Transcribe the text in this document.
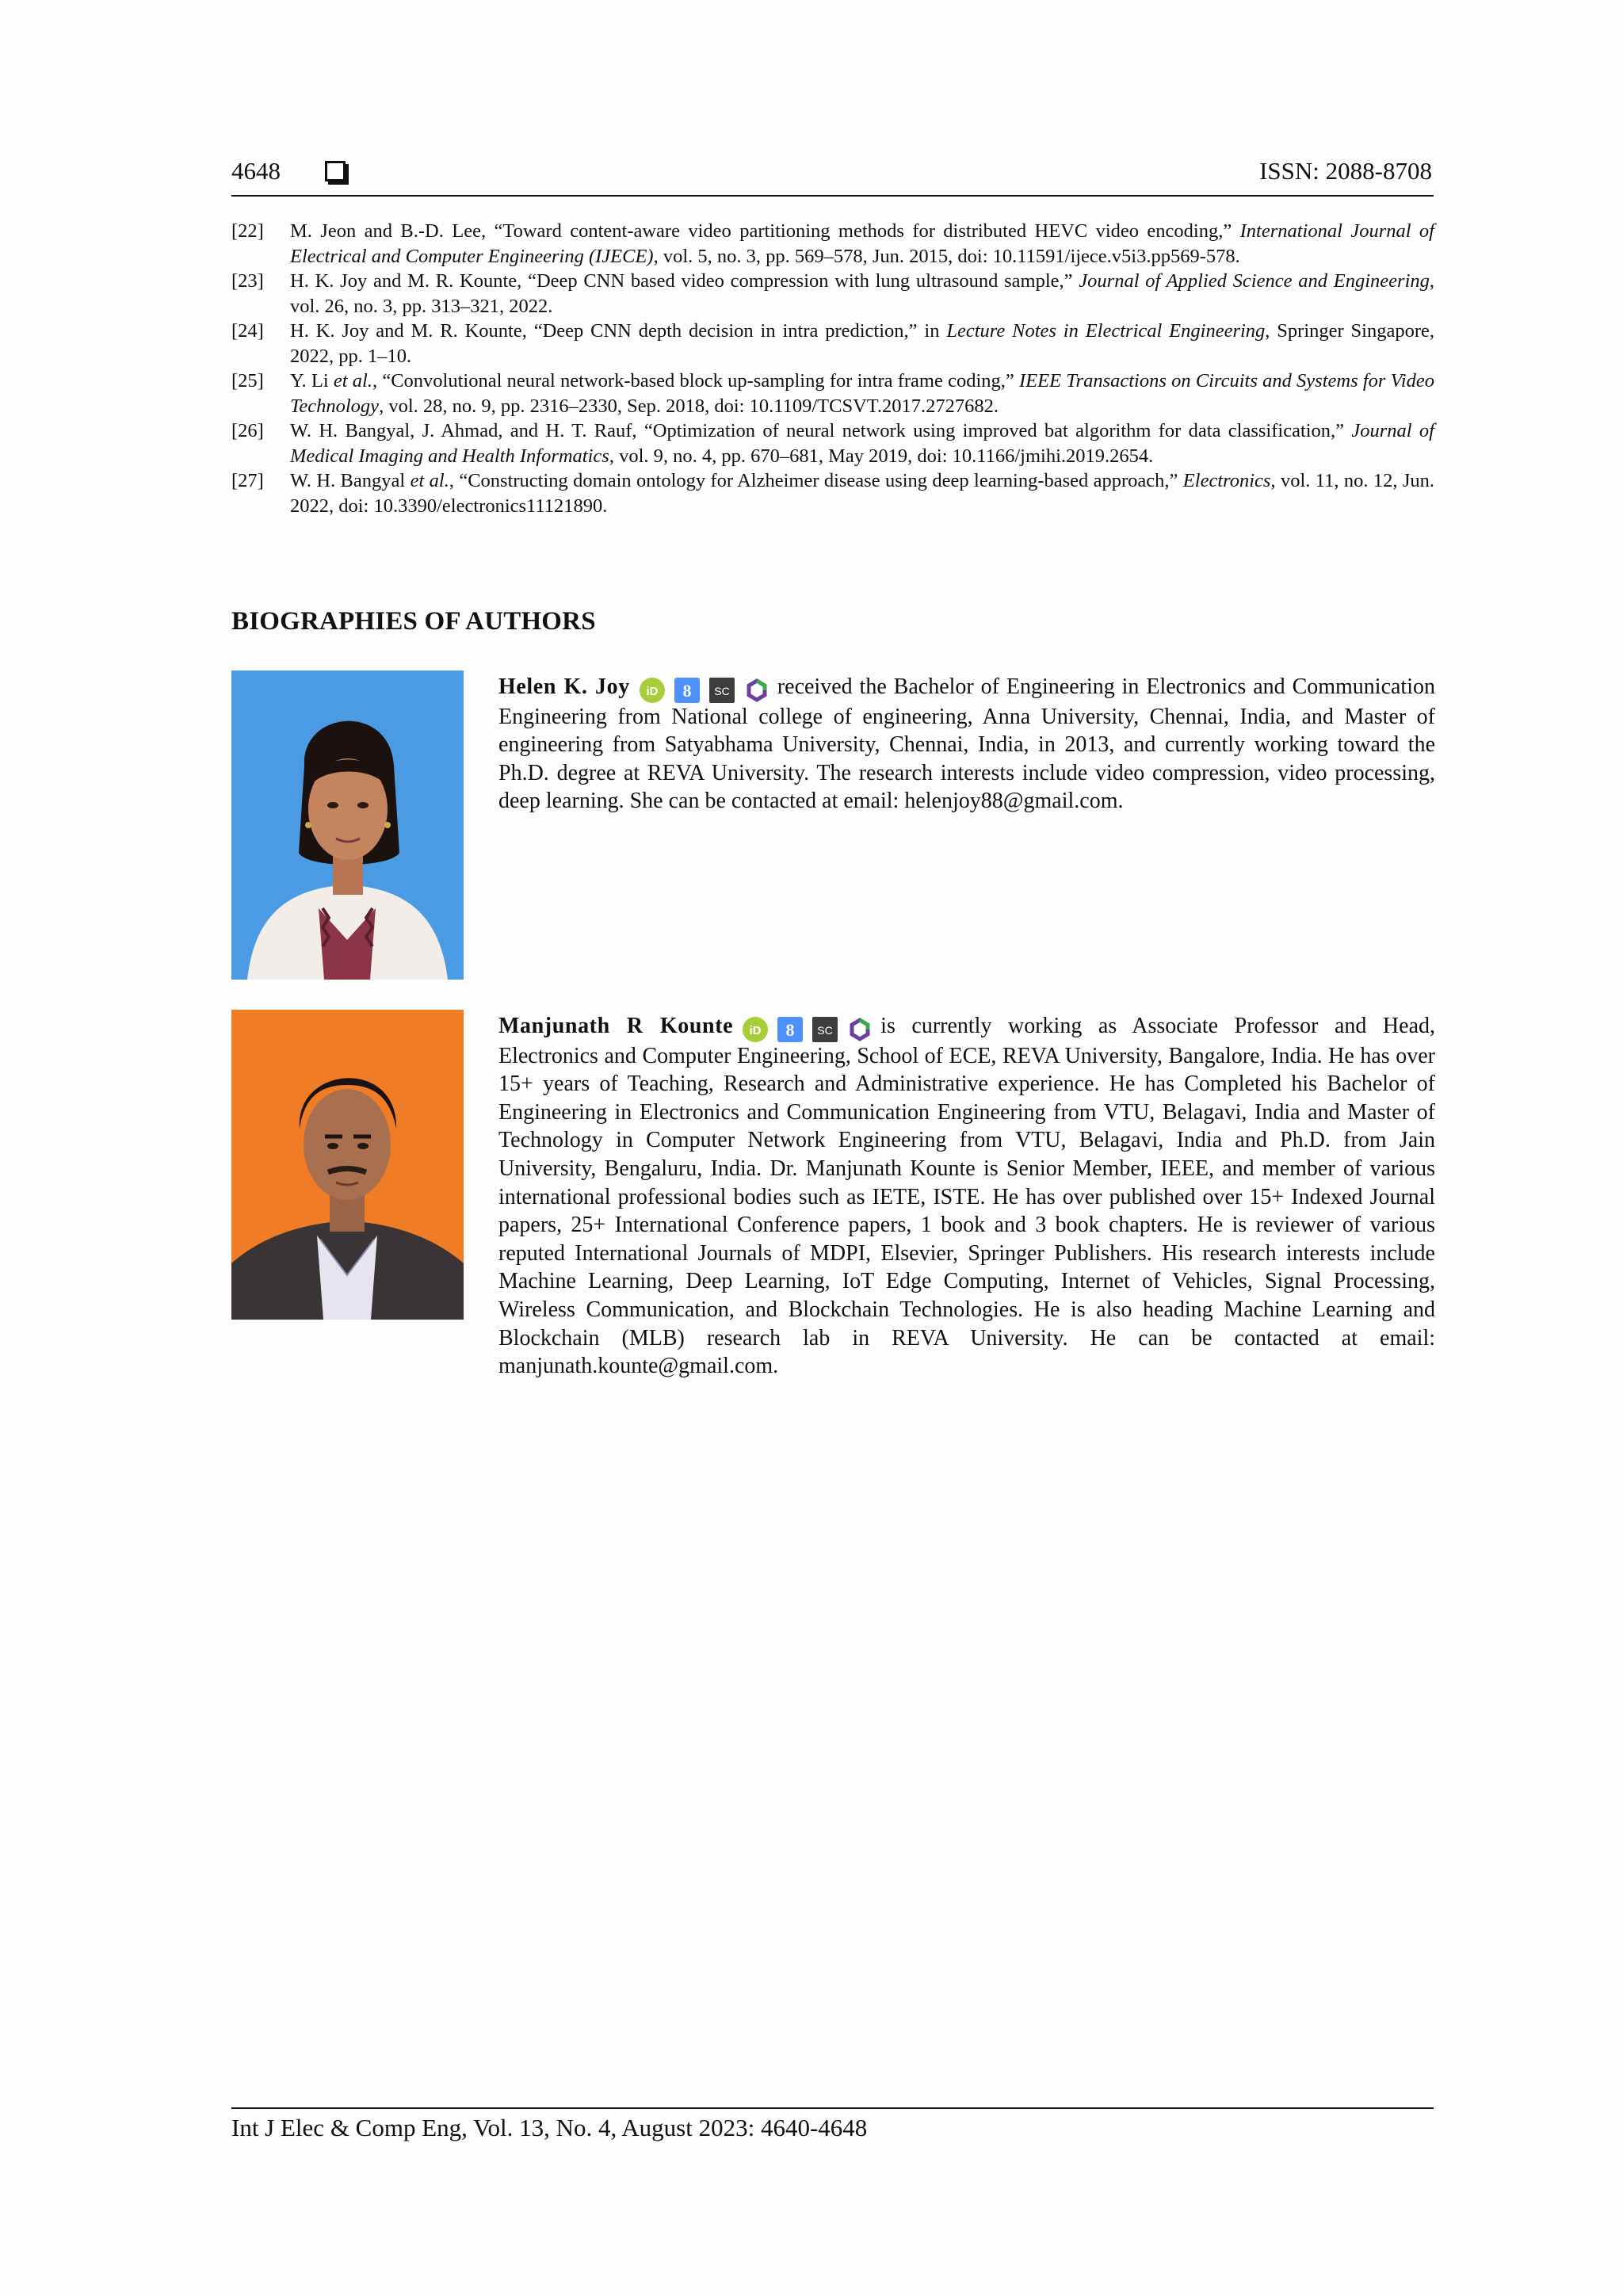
4648	ISSN: 2088-8708
[22]	M. Jeon and B.-D. Lee, “Toward content-aware video partitioning methods for distributed HEVC video encoding,” International Journal of Electrical and Computer Engineering (IJECE), vol. 5, no. 3, pp. 569–578, Jun. 2015, doi: 10.11591/ijece.v5i3.pp569-578.
[23]	H. K. Joy and M. R. Kounte, “Deep CNN based video compression with lung ultrasound sample,” Journal of Applied Science and Engineering, vol. 26, no. 3, pp. 313–321, 2022.
[24]	H. K. Joy and M. R. Kounte, “Deep CNN depth decision in intra prediction,” in Lecture Notes in Electrical Engineering, Springer Singapore, 2022, pp. 1–10.
[25]	Y. Li et al., “Convolutional neural network-based block up-sampling for intra frame coding,” IEEE Transactions on Circuits and Systems for Video Technology, vol. 28, no. 9, pp. 2316–2330, Sep. 2018, doi: 10.1109/TCSVT.2017.2727682.
[26]	W. H. Bangyal, J. Ahmad, and H. T. Rauf, “Optimization of neural network using improved bat algorithm for data classification,” Journal of Medical Imaging and Health Informatics, vol. 9, no. 4, pp. 670–681, May 2019, doi: 10.1166/jmihi.2019.2654.
[27]	W. H. Bangyal et al., “Constructing domain ontology for Alzheimer disease using deep learning-based approach,” Electronics, vol. 11, no. 12, Jun. 2022, doi: 10.3390/electronics11121890.
BIOGRAPHIES OF AUTHORS
Helen K. Joy iD 8 SC received the Bachelor of Engineering in Electronics and Communication Engineering from National college of engineering, Anna University, Chennai, India, and Master of engineering from Satyabhama University, Chennai, India, in 2013, and currently working toward the Ph.D. degree at REVA University. The research interests include video compression, video processing, deep learning. She can be contacted at email: helenjoy88@gmail.com.
Manjunath R Kounte iD 8 SC is currently working as Associate Professor and Head, Electronics and Computer Engineering, School of ECE, REVA University, Bangalore, India. He has over 15+ years of Teaching, Research and Administrative experience. He has Completed his Bachelor of Engineering in Electronics and Communication Engineering from VTU, Belagavi, India and Master of Technology in Computer Network Engineering from VTU, Belagavi, India and Ph.D. from Jain University, Bengaluru, India. Dr. Manjunath Kounte is Senior Member, IEEE, and member of various international professional bodies such as IETE, ISTE. He has over published over 15+ Indexed Journal papers, 25+ International Conference papers, 1 book and 3 book chapters. He is reviewer of various reputed International Journals of MDPI, Elsevier, Springer Publishers. His research interests include Machine Learning, Deep Learning, IoT Edge Computing, Internet of Vehicles, Signal Processing, Wireless Communication, and Blockchain Technologies. He is also heading Machine Learning and Blockchain (MLB) research lab in REVA University. He can be contacted at email: manjunath.kounte@gmail.com.
Int J Elec & Comp Eng, Vol. 13, No. 4, August 2023: 4640-4648
